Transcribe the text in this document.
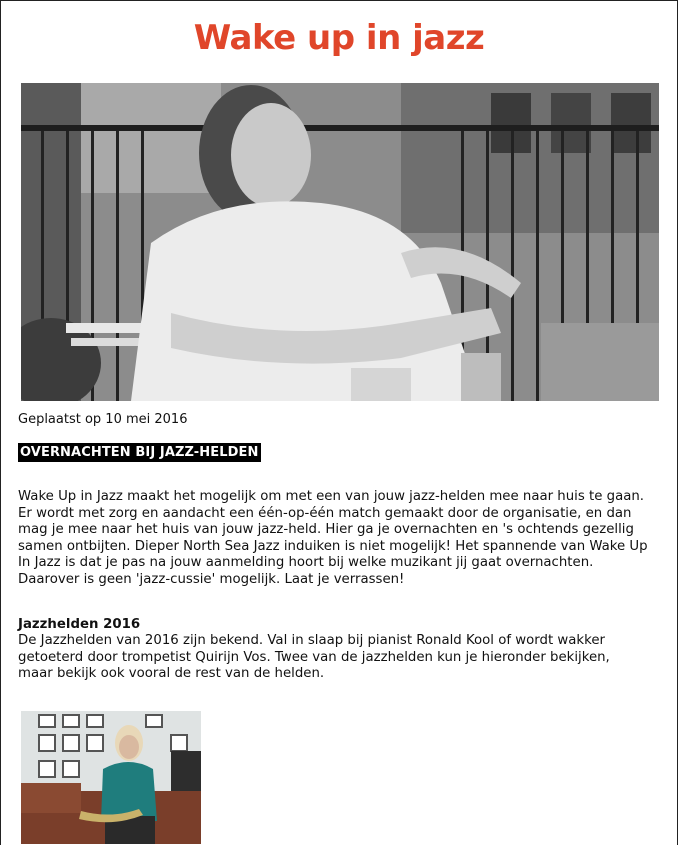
Wake up in jazz
Geplaatst op 10 mei 2016
OVERNACHTEN BIJ JAZZ-HELDEN

Wake Up in Jazz maakt het mogelijk om met een van jouw jazz-helden mee naar huis te gaan. Er wordt met zorg en aandacht een één-op-één match gemaakt door de organisatie, en dan mag je mee naar het huis van jouw jazz-held. Hier ga je overnachten en 's ochtends gezellig samen ontbijten. Dieper North Sea Jazz induiken is niet mogelijk! Het spannende van Wake Up In Jazz is dat je pas na jouw aanmelding hoort bij welke muzikant jij gaat overnachten. Daarover is geen 'jazz-cussie' mogelijk. Laat je verrassen!

Jazzhelden 2016

De Jazzhelden van 2016 zijn bekend. Val in slaap bij pianist Ronald Kool of wordt wakker getoeterd door trompetist Quirijn Vos. Twee van de jazzhelden kun je hieronder bekijken, maar bekijk ook vooral de rest van de helden.
